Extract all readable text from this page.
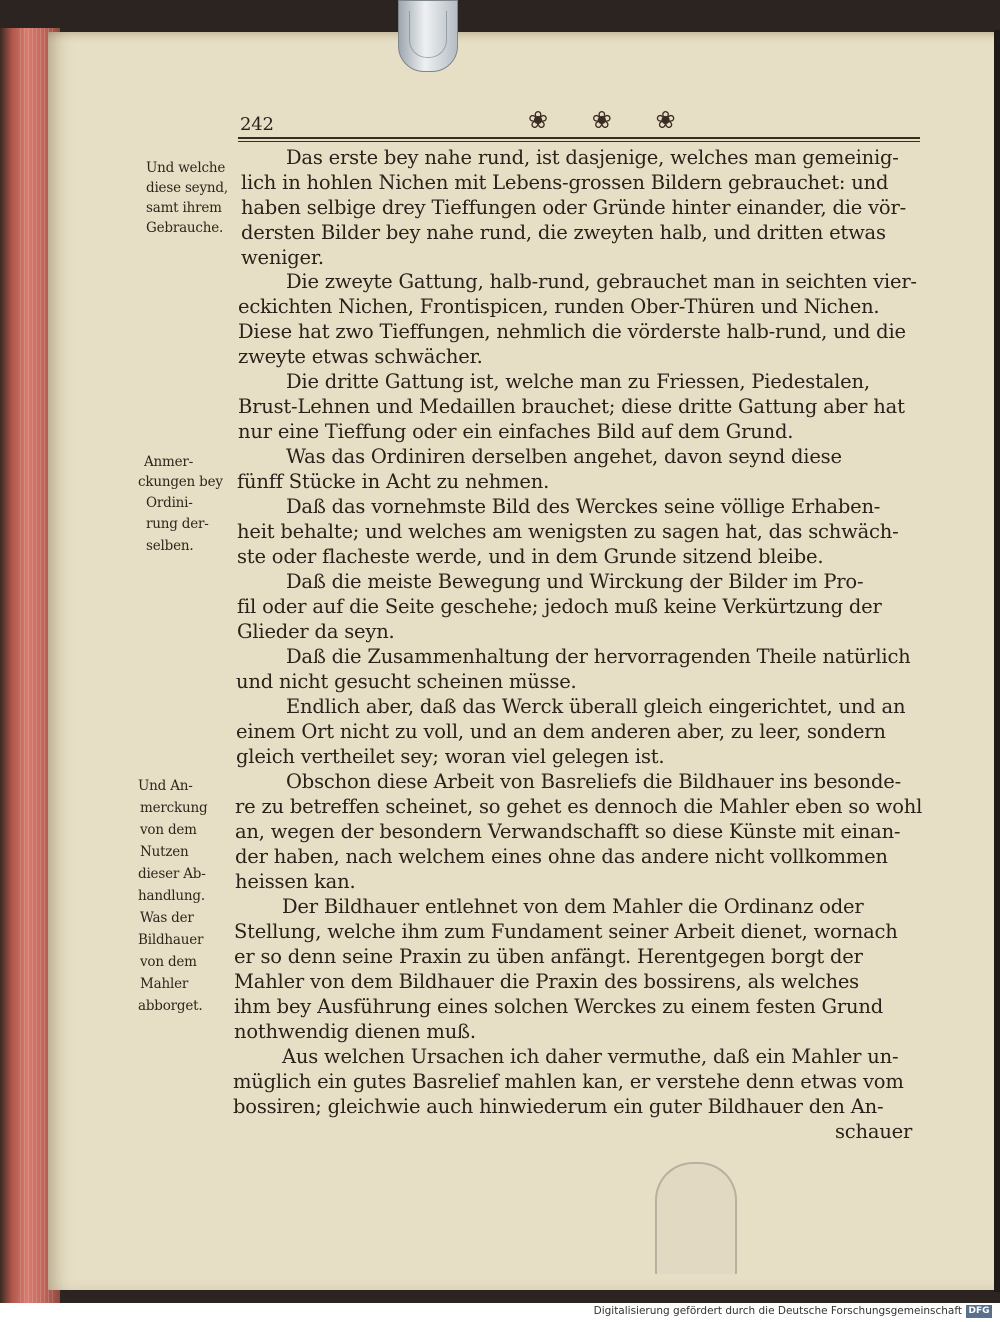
242	❀ ❀ ❀
Das erste bey nahe rund, ist dasjenige, welches man gemeinig-
lich in hohlen Nichen mit Lebens-grossen Bildern gebrauchet: und
haben selbige drey Tieffungen oder Gründe hinter einander, die vör-
dersten Bilder bey nahe rund, die zweyten halb, und dritten etwas
weniger.
Die zweyte Gattung, halb-rund, gebrauchet man in seichten vier-
eckichten Nichen, Frontispicen, runden Ober-Thüren und Nichen.
Diese hat zwo Tieffungen, nehmlich die vörderste halb-rund, und die
zweyte etwas schwächer.
Die dritte Gattung ist, welche man zu Friessen, Piedestalen,
Brust-Lehnen und Medaillen brauchet; diese dritte Gattung aber hat
nur eine Tieffung oder ein einfaches Bild auf dem Grund.
Was das Ordiniren derselben angehet, davon seynd diese
fünff Stücke in Acht zu nehmen.
Daß das vornehmste Bild des Werckes seine völlige Erhaben-
heit behalte; und welches am wenigsten zu sagen hat, das schwäch-
ste oder flacheste werde, und in dem Grunde sitzend bleibe.
Daß die meiste Bewegung und Wirckung der Bilder im Pro-
fil oder auf die Seite geschehe; jedoch muß keine Verkürtzung der
Glieder da seyn.
Daß die Zusammenhaltung der hervorragenden Theile natürlich
und nicht gesucht scheinen müsse.
Endlich aber, daß das Werck überall gleich eingerichtet, und an
einem Ort nicht zu voll, und an dem anderen aber, zu leer, sondern
gleich vertheilet sey; woran viel gelegen ist.
Obschon diese Arbeit von Basreliefs die Bildhauer ins besonde-
re zu betreffen scheinet, so gehet es dennoch die Mahler eben so wohl
an, wegen der besondern Verwandschafft so diese Künste mit einan-
der haben, nach welchem eines ohne das andere nicht vollkommen
heissen kan.
Der Bildhauer entlehnet von dem Mahler die Ordinanz oder
Stellung, welche ihm zum Fundament seiner Arbeit dienet, wornach
er so denn seine Praxin zu üben anfängt. Herentgegen borgt der
Mahler von dem Bildhauer die Praxin des bossirens, als welches
ihm bey Ausführung eines solchen Werckes zu einem festen Grund
nothwendig dienen muß.
Aus welchen Ursachen ich daher vermuthe, daß ein Mahler un-
müglich ein gutes Basrelief mahlen kan, er verstehe denn etwas vom
bossiren; gleichwie auch hinwiederum ein guter Bildhauer den An-
schauer
Und welche
diese seynd,
samt ihrem
Gebrauche.
Anmer-
ckungen bey
Ordini-
rung der-
selben.
Und An-
merckung
von dem
Nutzen
dieser Ab-
handlung.
Was der
Bildhauer
von dem
Mahler
abborget.
Digitalisierung gefördert durch die Deutsche Forschungsgemeinschaft DFG
